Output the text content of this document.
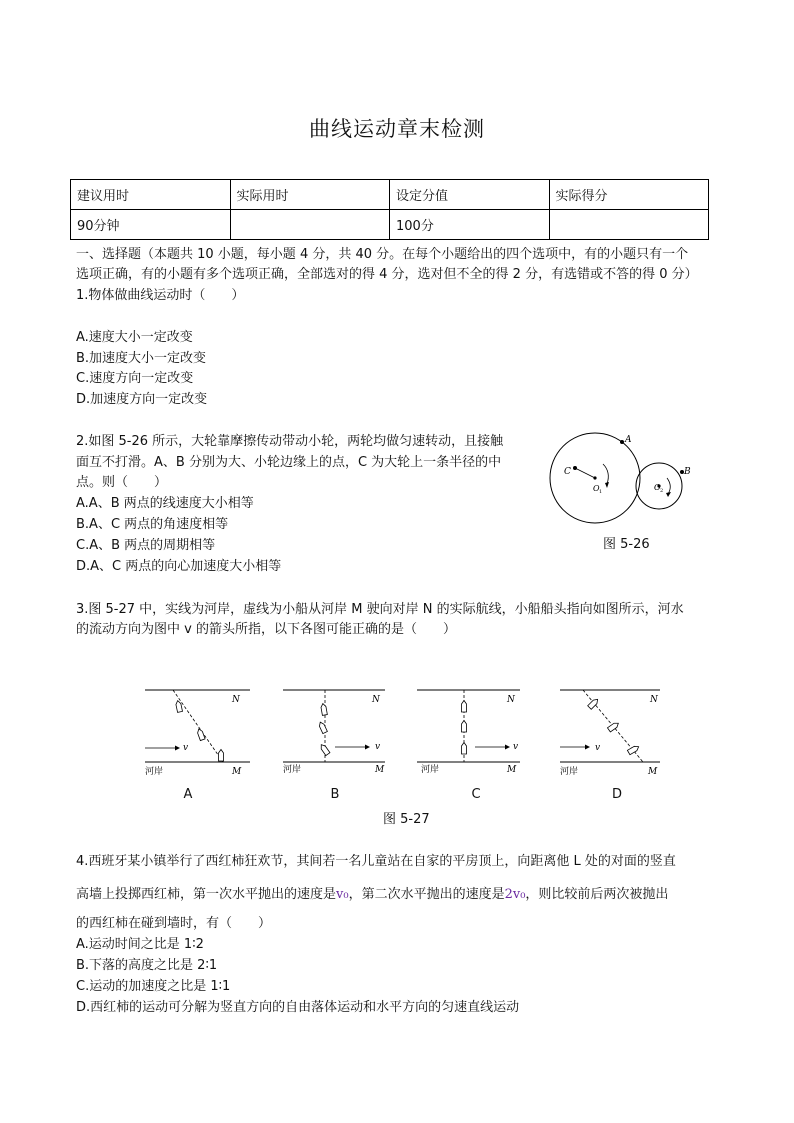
曲线运动章末检测
建议用时	实际用时	设定分值	实际得分
90分钟		100分	
一、选择题（本题共 10 小题，每小题 4 分，共 40 分。在每个小题给出的四个选项中，有的小题只有一个
选项正确，有的小题有多个选项正确，全部选对的得 4 分，选对但不全的得 2 分，有选错或不答的得 0 分）
1.物体做曲线运动时（　　）
A.速度大小一定改变
B.加速度大小一定改变
C.速度方向一定改变
D.加速度方向一定改变
2.如图 5-26 所示，大轮靠摩擦传动带动小轮，两轮均做匀速转动，且接触
面互不打滑。A、B 分别为大、小轮边缘上的点，C 为大轮上一条半径的中
点。则（　　）
A.A、B 两点的线速度大小相等
B.A、C 两点的角速度相等
C.A、B 两点的周期相等
D.A、C 两点的向心加速度大小相等
A
B
C
O 1	O 2
图 5-26
3.图 5-27 中，实线为河岸，虚线为小船从河岸 M 驶向对岸 N 的实际航线，小船船头指向如图所示，河水
的流动方向为图中 v 的箭头所指，以下各图可能正确的是（　　）
v
N
M
河岸
v
N
M
河岸
v
N
M
河岸
v
N
M
河岸
A	B	C	D
图 5-27
4.西班牙某小镇举行了西红柿狂欢节，其间若一名儿童站在自家的平房顶上，向距离他 L 处的对面的竖直
高墙上投掷西红柿，第一次水平抛出的速度是v₀，第二次水平抛出的速度是2v₀，则比较前后两次被抛出
的西红柿在碰到墙时，有（　　）
A.运动时间之比是 1∶2
B.下落的高度之比是 2∶1
C.运动的加速度之比是 1∶1
D.西红柿的运动可分解为竖直方向的自由落体运动和水平方向的匀速直线运动
